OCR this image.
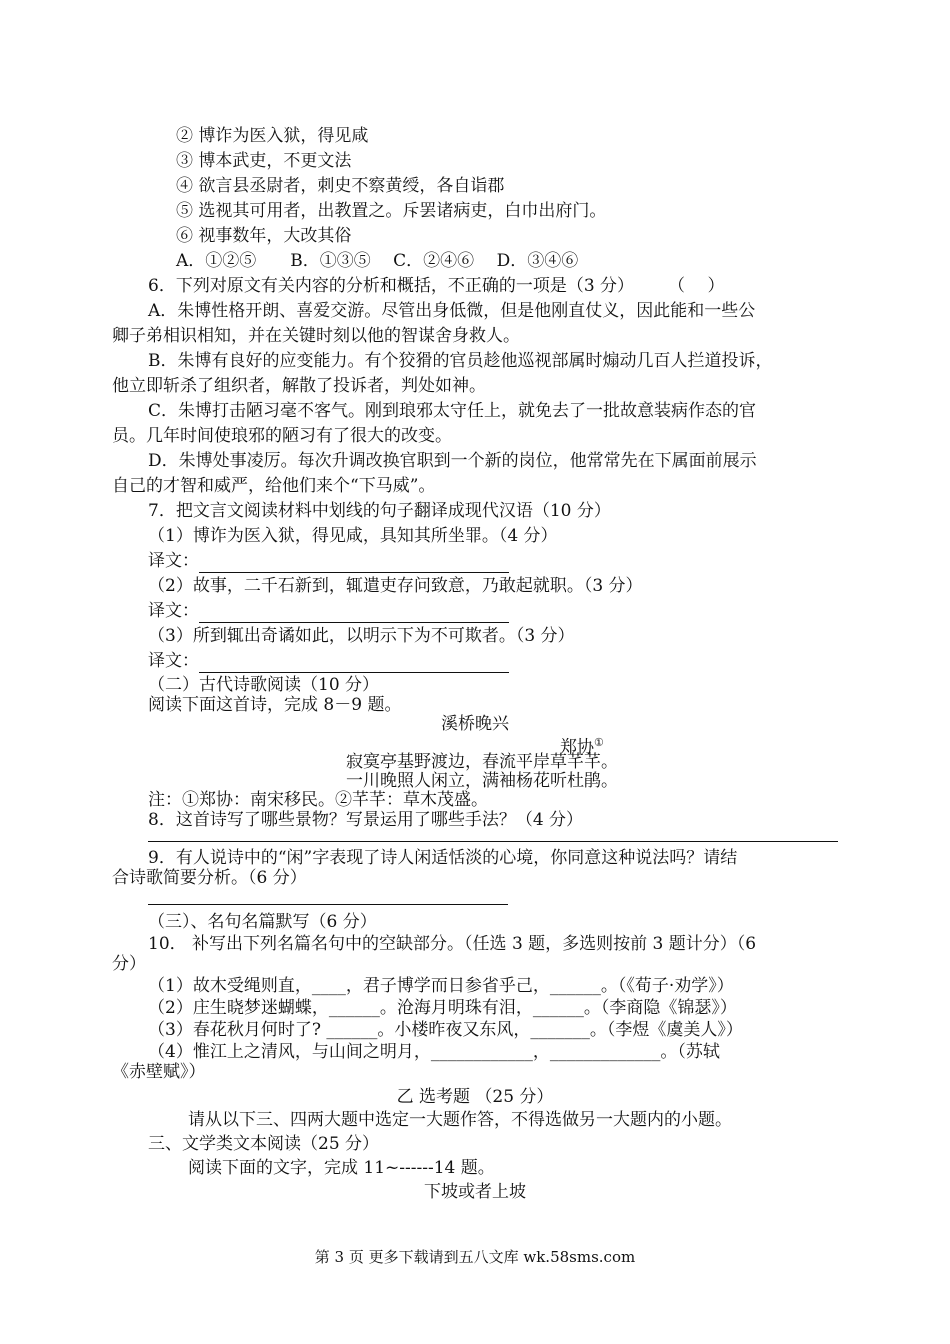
② 博诈为医入狱，得见咸
③ 博本武吏，不更文法
④ 欲言县丞尉者，刺史不察黄绶，各自诣郡
⑤ 选视其可用者，出教置之。斥罢诸病吏，白巾出府门。
⑥ 视事数年，大改其俗
A．①②⑤　　B．①③⑤　 C．②④⑥　 D．③④⑥
6．下列对原文有关内容的分析和概括，不正确的一项是（3 分）　　　（　 ）
A．朱博性格开朗、喜爱交游。尽管出身低微，但是他刚直仗义，因此能和一些公
卿子弟相识相知，并在关键时刻以他的智谋舍身救人。
B．朱博有良好的应变能力。有个狡猾的官员趁他巡视部属时煽动几百人拦道投诉，
他立即斩杀了组织者，解散了投诉者，判处如神。
C．朱博打击陋习毫不客气。刚到琅邪太守任上，就免去了一批故意装病作态的官
员。几年时间使琅邪的陋习有了很大的改变。
D．朱博处事凌厉。每次升调改换官职到一个新的岗位，他常常先在下属面前展示
自己的才智和威严，给他们来个“下马威”。
7．把文言文阅读材料中划线的句子翻译成现代汉语（10 分）
（1）博诈为医入狱，得见咸，具知其所坐罪。（4 分）
译文：
（2）故事，二千石新到，辄遣吏存问致意，乃敢起就职。（3 分）
译文：
（3）所到辄出奇谲如此，以明示下为不可欺者。（3 分）
译文：
（二）古代诗歌阅读（10 分）
阅读下面这首诗，完成 8－9 题。
溪桥晚兴
郑协①
寂寞亭基野渡边，春流平岸草芊芊。
一川晚照人闲立，满袖杨花听杜鹃。
注：①郑协：南宋移民。②芊芊：草木茂盛。
8．这首诗写了哪些景物？写景运用了哪些手法？（4 分）
9．有人说诗中的“闲”字表现了诗人闲适恬淡的心境，你同意这种说法吗？请结
合诗歌简要分析。（6 分）
（三）、名句名篇默写（6 分）
10． 补写出下列名篇名句中的空缺部分。（任选 3 题，多选则按前 3 题计分）（6
分）
（1）故木受绳则直，____，君子博学而日参省乎己，______。（《荀子·劝学》）
（2）庄生晓梦迷蝴蝶，______。沧海月明珠有泪，______。（李商隐《锦瑟》）
（3）春花秋月何时了? ______。小楼昨夜又东风，_______。（李煜《虞美人》）
（4）惟江上之清风，与山间之明月，____________，_____________。（苏轼
《赤壁赋》）
乙 选考题 （25 分）
请从以下三、四两大题中选定一大题作答，不得选做另一大题内的小题。
三、文学类文本阅读（25 分）
阅读下面的文字，完成 11~------14 题。
下坡或者上坡
第 3 页 更多下载请到五八文库 wk.58sms.com
